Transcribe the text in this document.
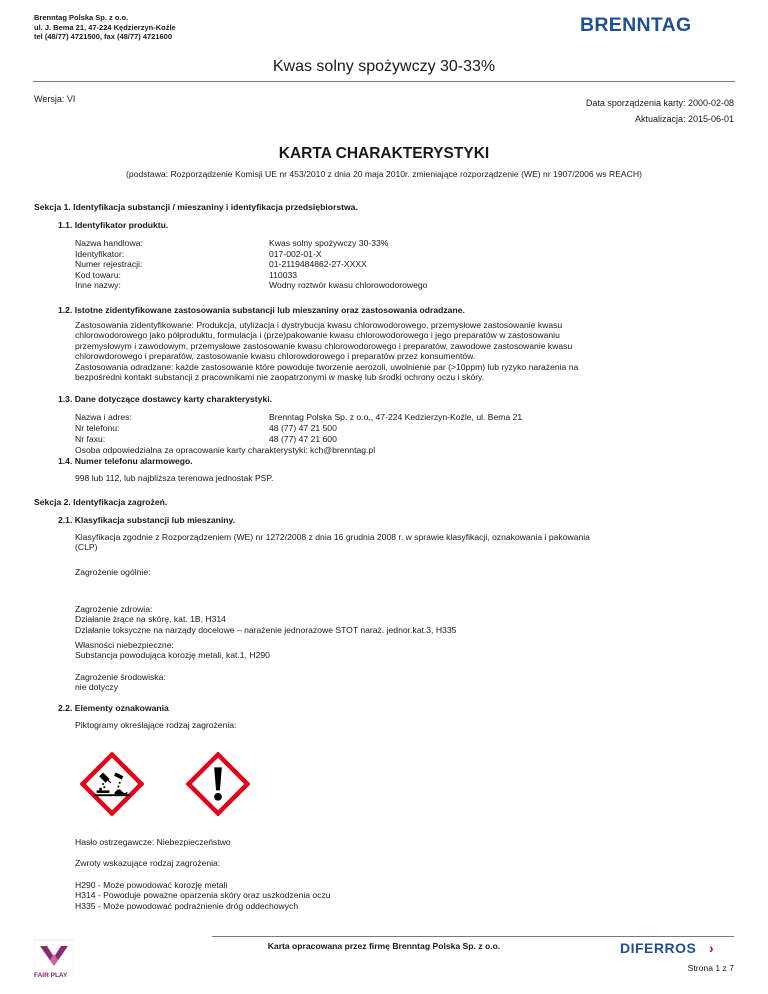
Brenntag Polska Sp. z o.o.
ul. J. Bema 21, 47-224 Kędzierzyn-Koźle
tel (48/77) 4721500, fax (48/77) 4721600
BRENNTAG
Kwas solny spożywczy 30-33%
Wersja: VI	Data sporządzenia karty: 2000-02-08
Aktualizacja: 2015-06-01
KARTA CHARAKTERYSTYKI
(podstawa: Rozporządzenie Komisji UE nr 453/2010 z dnia 20 maja 2010r. zmieniające rozporządzenie (WE) nr 1907/2006 ws REACH)
Sekcja 1. Identyfikacja substancji / mieszaniny i identyfikacja przedsiębiorstwa.
1.1. Identyfikator produktu.
Nazwa handlowa:	Kwas solny spożywczy 30-33%
Identyfikator:	017-002-01-X
Numer rejestracji:	01-2119484862-27-XXXX
Kod towaru:	110033
Inne nazwy:	Wodny roztwór kwasu chlorowodorowego
1.2. Istotne zidentyfikowane zastosowania substancji lub mieszaniny oraz zastosowania odradzane.
Zastosowania zidentyfikowane: Produkcja, utylizacja i dystrybucja kwasu chlorowodorowego, przemysłowe zastosowanie kwasu
chlorowodorowego jako półproduktu, formulacja i (prze)pakowanie kwasu chlorowodorowego i jego preparatów w zastosowaniu
przemysłowym i zawodowym, przemysłowe zastosowanie kwasu chlorowodorowego i preparatów, zawodowe zastosowanie kwasu
chlorowdorowego i preparatów, zastosowanie kwasu chlorowdorowego i preparatów przez konsumentów.
Zastosowania odradzane: każde zastosowanie które powoduje tworzenie aerozoli, uwolnienie par (>10ppm) lub ryzyko narażenia na
bezpośredni kontakt substancji z pracownikami nie zaopatrzonymi w maskę lub środki ochrony oczu i skóry.
1.3. Dane dotyczące dostawcy karty charakterystyki.
Nazwa i adres:	Brenntag Polska Sp. z o.o., 47-224 Kedzierzyn-Koźle, ul. Bema 21
Nr telefonu:	48 (77) 47 21 500
Nr faxu:	48 (77) 47 21 600
Osoba odpowiedzialna za opracowanie karty charakterystyki: kch@brenntag.pl
1.4. Numer telefonu alarmowego.
998 lub 112, lub najbliższa terenowa jednostak PSP.
Sekcja 2. Identyfikacja zagrożeń.
2.1. Klasyfikacja substancji lub mieszaniny.
Klasyfikacja zgodnie z Rozporządzeniem (WE) nr 1272/2008 z dnia 16 grudnia 2008 r. w sprawie klasyfikacji, oznakowania i pakowania
(CLP)
Zagrożenie ogólnie:
Zagrożenie zdrowia:
Działanie żrące na skórę, kat. 1B, H314
Działanie toksyczne na narządy docelowe – narażenie jednorazowe STOT naraż. jednor.kat.3, H335
Własności niebezpieczne:
Substancja powodująca korozję metali, kat.1, H290
Zagrożenie środowiska:
nie dotyczy
2.2. Elementy oznakowania
Piktogramy określające rodzaj zagrożenia:
Hasło ostrzegawcze: Niebezpieczeństwo
Zwroty wskazujące rodzaj zagrożenia:
H290 - Może powodować korozję metali
H314 - Powoduje poważne oparzenia skóry oraz uszkodzenia oczu
H335 - Może powodować podrażnienie dróg oddechowych
FAIR PLAY
Karta opracowana przez firmę Brenntag Polska Sp. z o.o.	DIFERROS ›
Strona 1 z 7
